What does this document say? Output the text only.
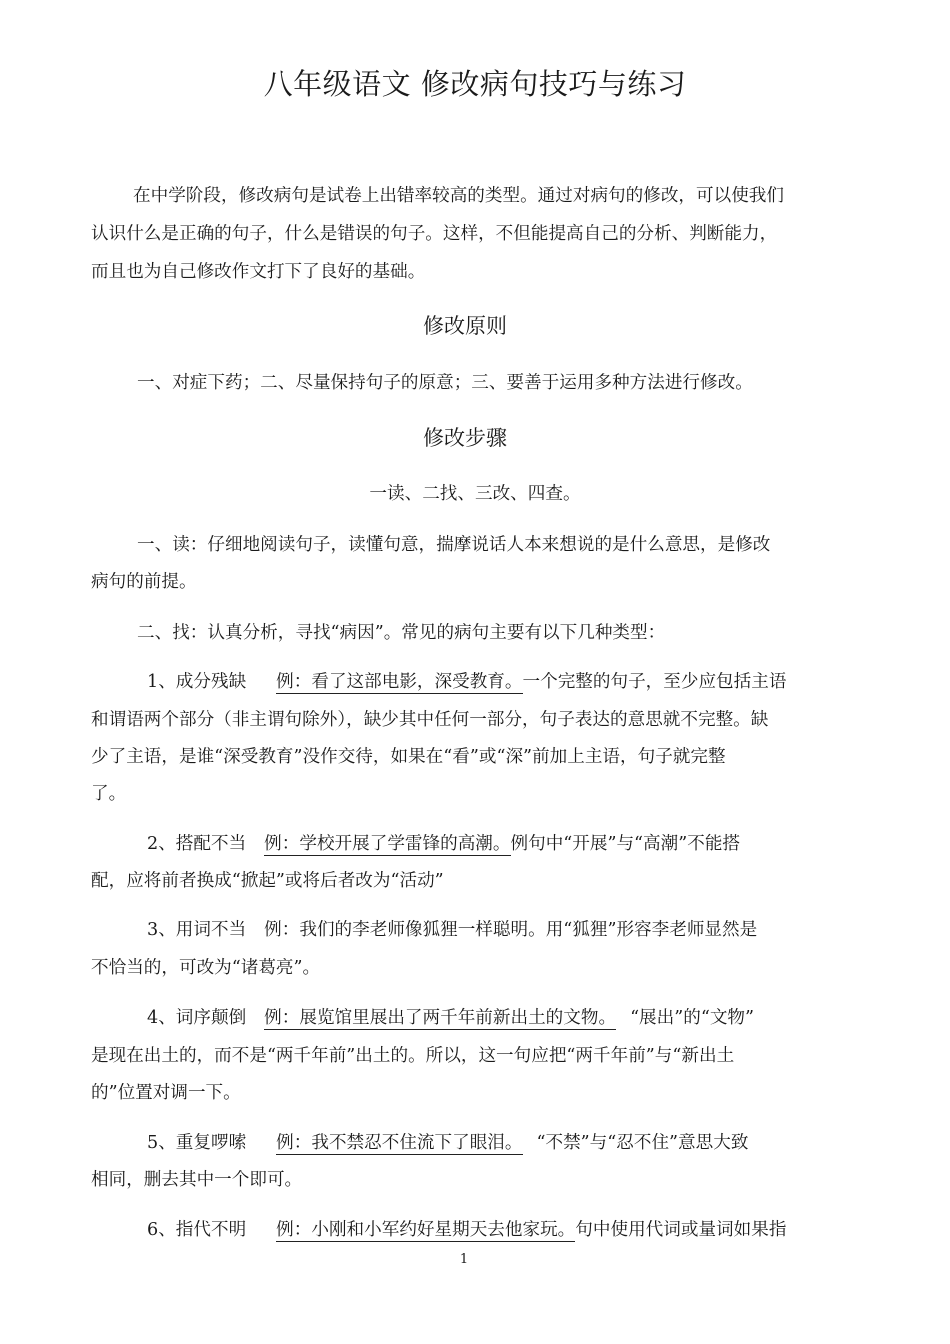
八年级语文 修改病句技巧与练习
在中学阶段，修改病句是试卷上出错率较高的类型。通过对病句的修改，可以使我们
认识什么是正确的句子，什么是错误的句子。这样，不但能提高自己的分析、判断能力，
而且也为自己修改作文打下了良好的基础。
修改原则
一、对症下药；二、尽量保持句子的原意；三、要善于运用多种方法进行修改。
修改步骤
一读、二找、三改、四查。
一、读：仔细地阅读句子，读懂句意，揣摩说话人本来想说的是什么意思，是修改
病句的前提。
二、找：认真分析，寻找“病因”。常见的病句主要有以下几种类型：
1、成分残缺 例：看了这部电影，深受教育。一个完整的句子，至少应包括主语
和谓语两个部分（非主谓句除外），缺少其中任何一部分，句子表达的意思就不完整。缺
少了主语，是谁“深受教育”没作交待，如果在“看”或“深”前加上主语，句子就完整
了。
2、搭配不当 例：学校开展了学雷锋的高潮。例句中“开展”与“高潮”不能搭
配，应将前者换成“掀起”或将后者改为“活动”
3、用词不当 例：我们的李老师像狐狸一样聪明。用“狐狸”形容李老师显然是
不恰当的，可改为“诸葛亮”。
4、词序颠倒 例：展览馆里展出了两千年前新出土的文物。 “展出”的“文物”
是现在出土的，而不是“两千年前”出土的。所以，这一句应把“两千年前”与“新出土
的”位置对调一下。
5、重复啰嗦 例：我不禁忍不住流下了眼泪。 “不禁”与“忍不住”意思大致
相同，删去其中一个即可。
6、指代不明 例：小刚和小军约好星期天去他家玩。句中使用代词或量词如果指
1
